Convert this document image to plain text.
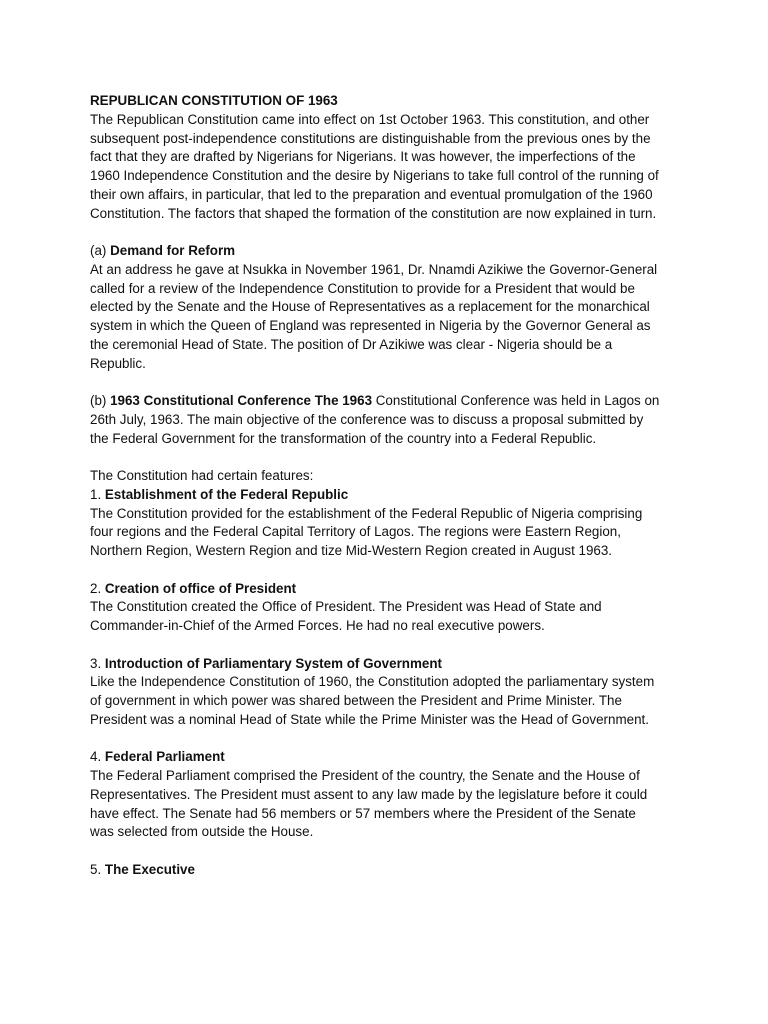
REPUBLICAN CONSTITUTION OF 1963
The Republican Constitution came into effect on 1st October 1963. This constitution, and other
subsequent post-independence constitutions are distinguishable from the previous ones by the
fact that they are drafted by Nigerians for Nigerians. It was however, the imperfections of the
1960 Independence Constitution and the desire by Nigerians to take full control of the running of
their own affairs, in particular, that led to the preparation and eventual promulgation of the 1960
Constitution. The factors that shaped the formation of the constitution are now explained in turn.
(a) Demand for Reform
At an address he gave at Nsukka in November 1961, Dr. Nnamdi Azikiwe the Governor-General
called for a review of the Independence Constitution to provide for a President that would be
elected by the Senate and the House of Representatives as a replacement for the monarchical
system in which the Queen of England was represented in Nigeria by the Governor General as
the ceremonial Head of State. The position of Dr Azikiwe was clear - Nigeria should be a
Republic.
(b) 1963 Constitutional Conference The 1963 Constitutional Conference was held in Lagos on
26th July, 1963. The main objective of the conference was to discuss a proposal submitted by
the Federal Government for the transformation of the country into a Federal Republic.
The Constitution had certain features:
1. Establishment of the Federal Republic
The Constitution provided for the establishment of the Federal Republic of Nigeria comprising
four regions and the Federal Capital Territory of Lagos. The regions were Eastern Region,
Northern Region, Western Region and tize Mid-Western Region created in August 1963.
2. Creation of office of President
The Constitution created the Office of President. The President was Head of State and
Commander-in-Chief of the Armed Forces. He had no real executive powers.
3. Introduction of Parliamentary System of Government
Like the Independence Constitution of 1960, the Constitution adopted the parliamentary system
of government in which power was shared between the President and Prime Minister. The
President was a nominal Head of State while the Prime Minister was the Head of Government.
4. Federal Parliament
The Federal Parliament comprised the President of the country, the Senate and the House of
Representatives. The President must assent to any law made by the legislature before it could
have effect. The Senate had 56 members or 57 members where the President of the Senate
was selected from outside the House.
5. The Executive
